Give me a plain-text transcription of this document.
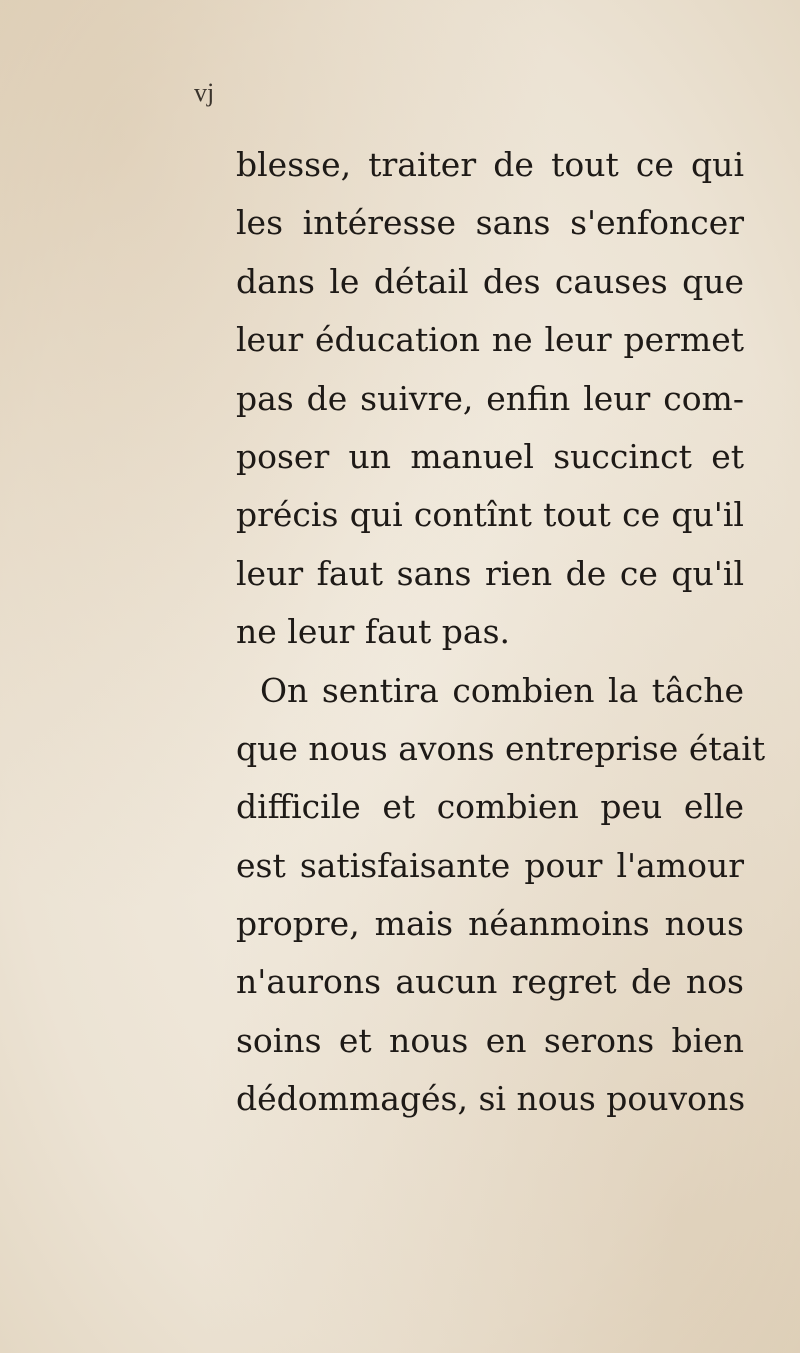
vj

blesse, traiter de tout ce qui
les intéresse sans s'enfoncer
dans le détail des causes que
leur éducation ne leur permet
pas de suivre, enfin leur com-
poser un manuel succinct et
précis qui contînt tout ce qu'il
leur faut sans rien de ce qu'il
ne leur faut pas.
On sentira combien la tâche
que nous avons entreprise était
difficile et combien peu elle
est satisfaisante pour l'amour
propre, mais néanmoins nous
n'aurons aucun regret de nos
soins et nous en serons bien
dédommagés, si nous pouvons
